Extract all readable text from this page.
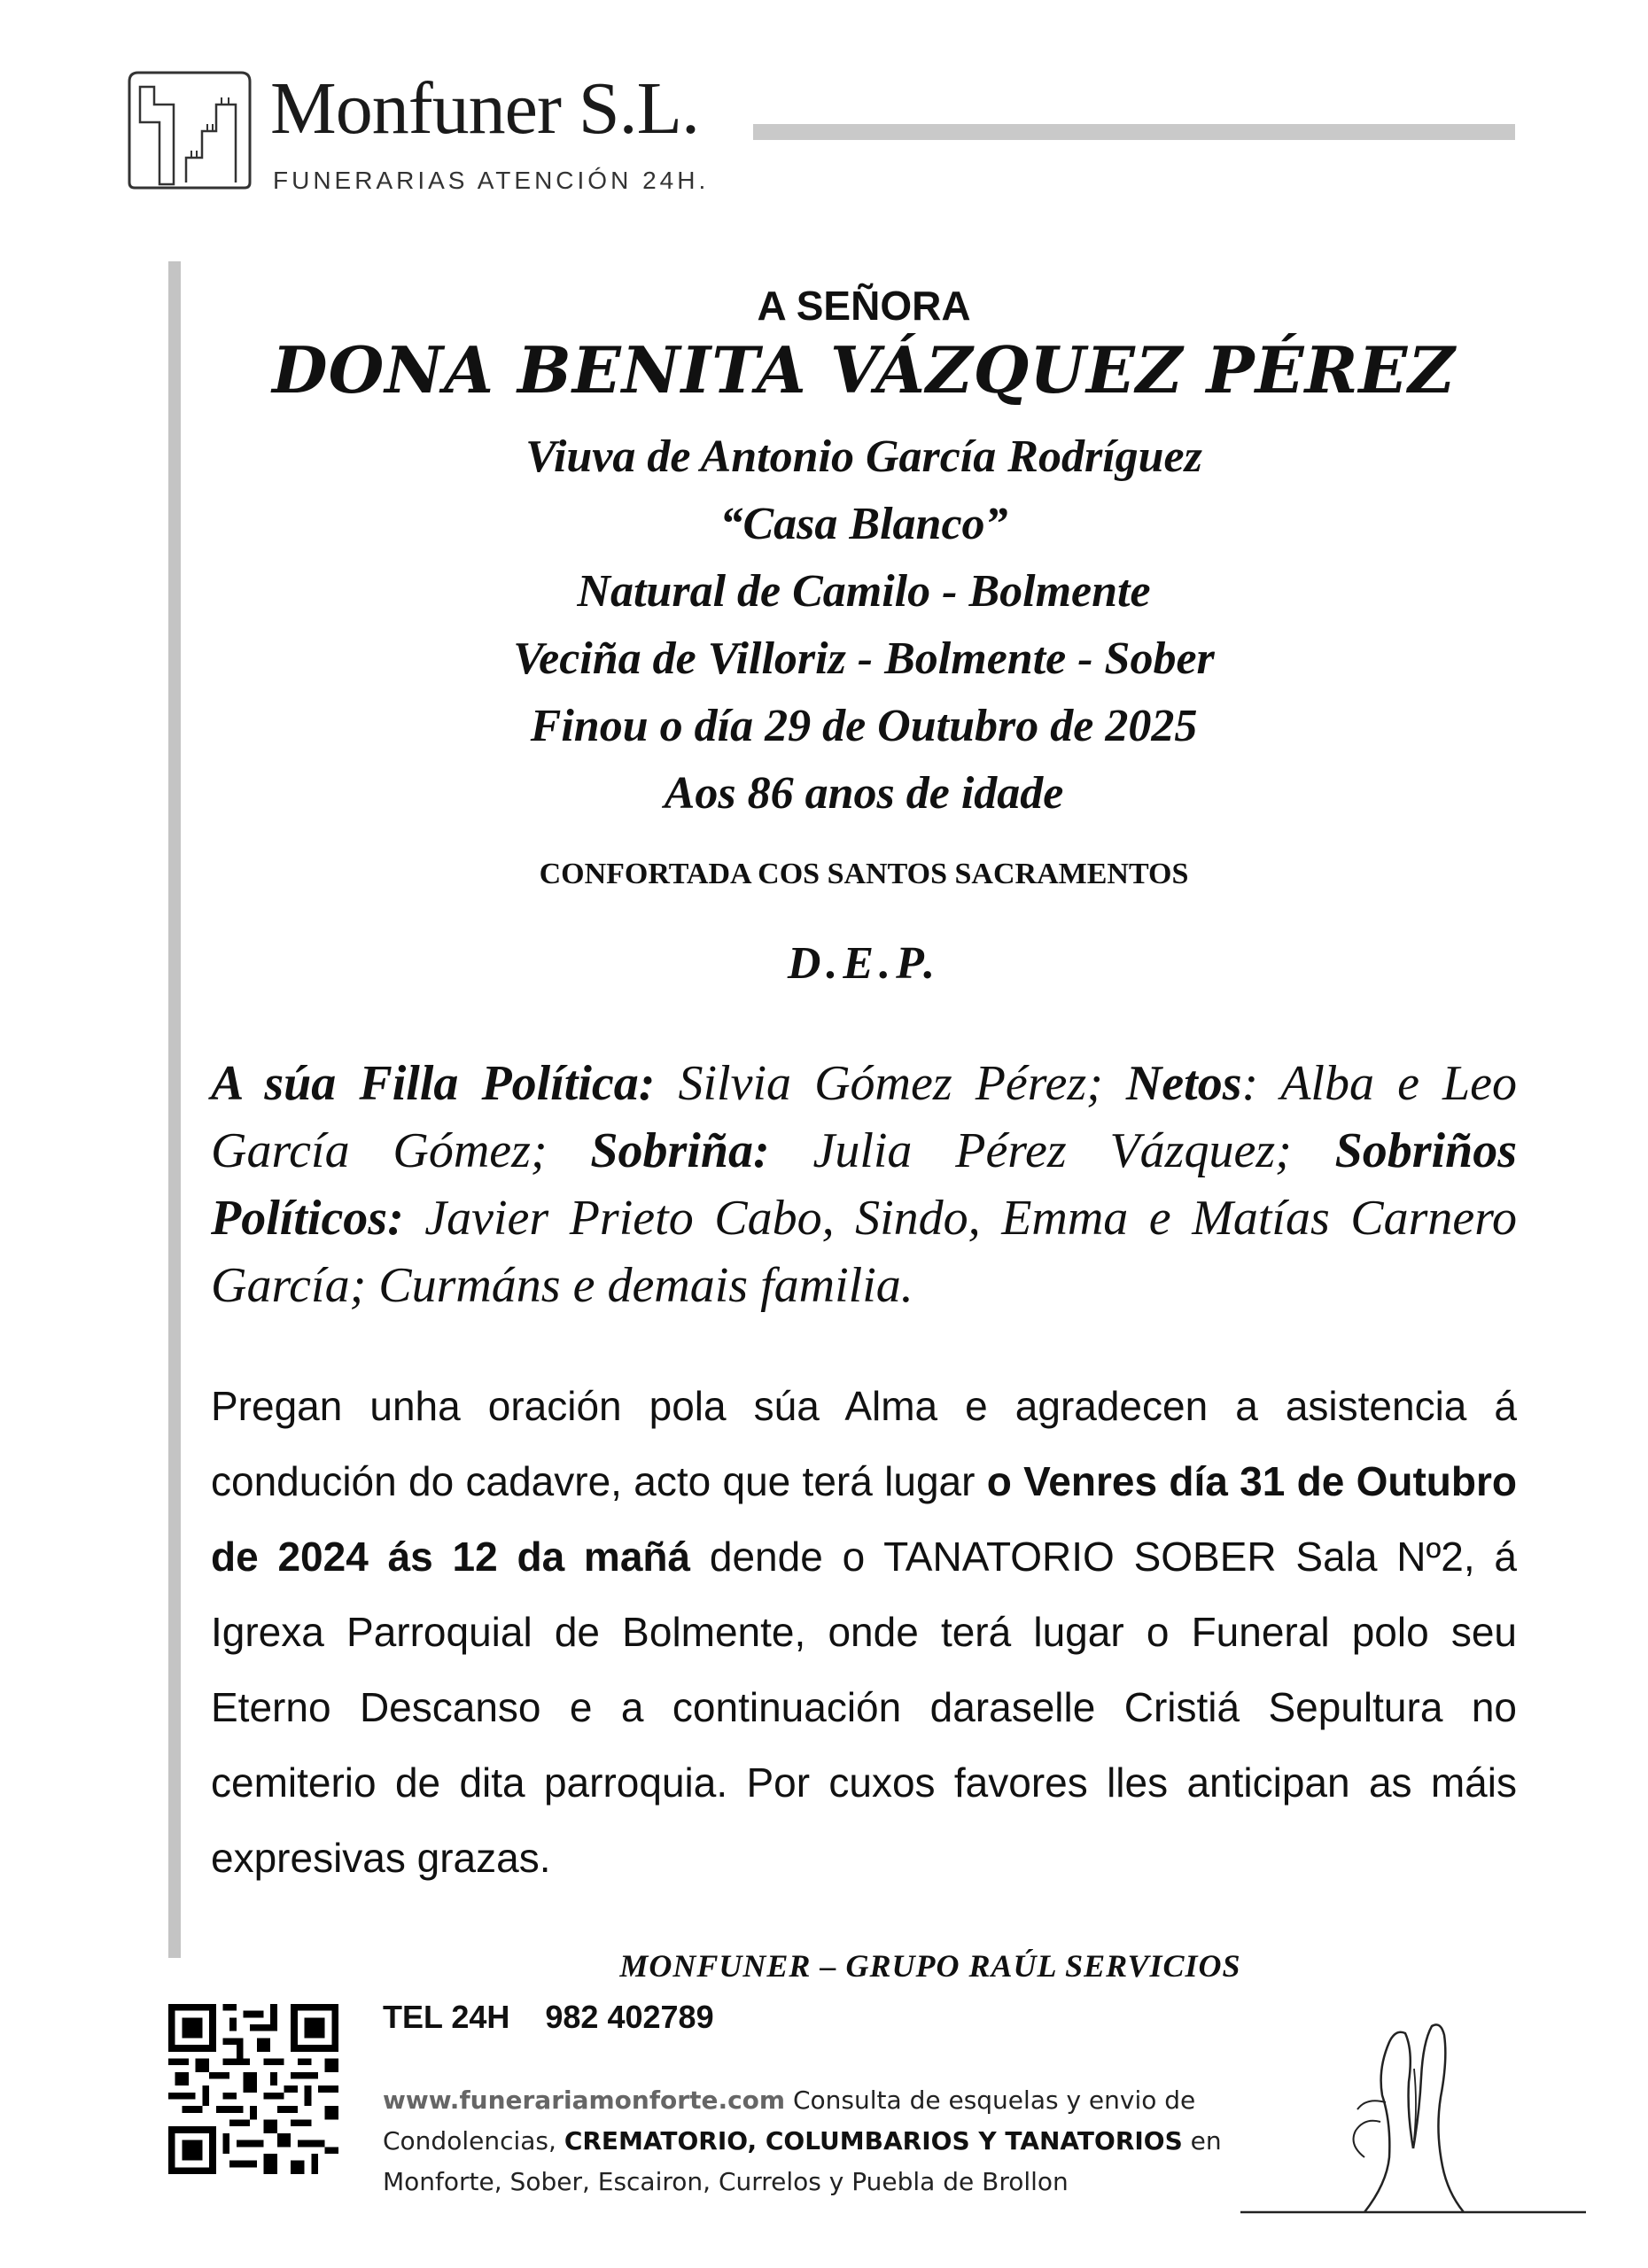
Monfuner S.L.
FUNERARIAS ATENCIÓN 24H.
A SEÑORA
DONA BENITA VÁZQUEZ PÉREZ
Viuva de Antonio García Rodríguez
“Casa Blanco”
Natural de Camilo - Bolmente
Veciña de Villoriz - Bolmente - Sober
Finou o día 29 de Outubro de 2025
Aos 86 anos de idade
CONFORTADA COS SANTOS SACRAMENTOS
D.E.P.
A súa Filla Política: Silvia Gómez Pérez; Netos: Alba e Leo García Gómez; Sobriña: Julia Pérez Vázquez; Sobriños Políticos: Javier Prieto Cabo, Sindo, Emma e Matías Carnero García; Curmáns e demais familia.
Pregan unha oración pola súa Alma e agradecen a asistencia á condución do cadavre, acto que terá lugar o Venres día 31 de Outubro de 2024 ás 12 da mañá dende o TANATORIO SOBER Sala Nº2, á Igrexa Parroquial de Bolmente, onde terá lugar o Funeral polo seu Eterno Descanso e a continuación daraselle Cristiá Sepultura no cemiterio de dita parroquia. Por cuxos favores lles anticipan as máis expresivas grazas.
MONFUNER – GRUPO RAÚL SERVICIOS
TEL 24H 982 402789
www.funerariamonforte.com Consulta de esquelas y envio de Condolencias, CREMATORIO, COLUMBARIOS Y TANATORIOS en Monforte, Sober, Escairon, Currelos y Puebla de Brollon
